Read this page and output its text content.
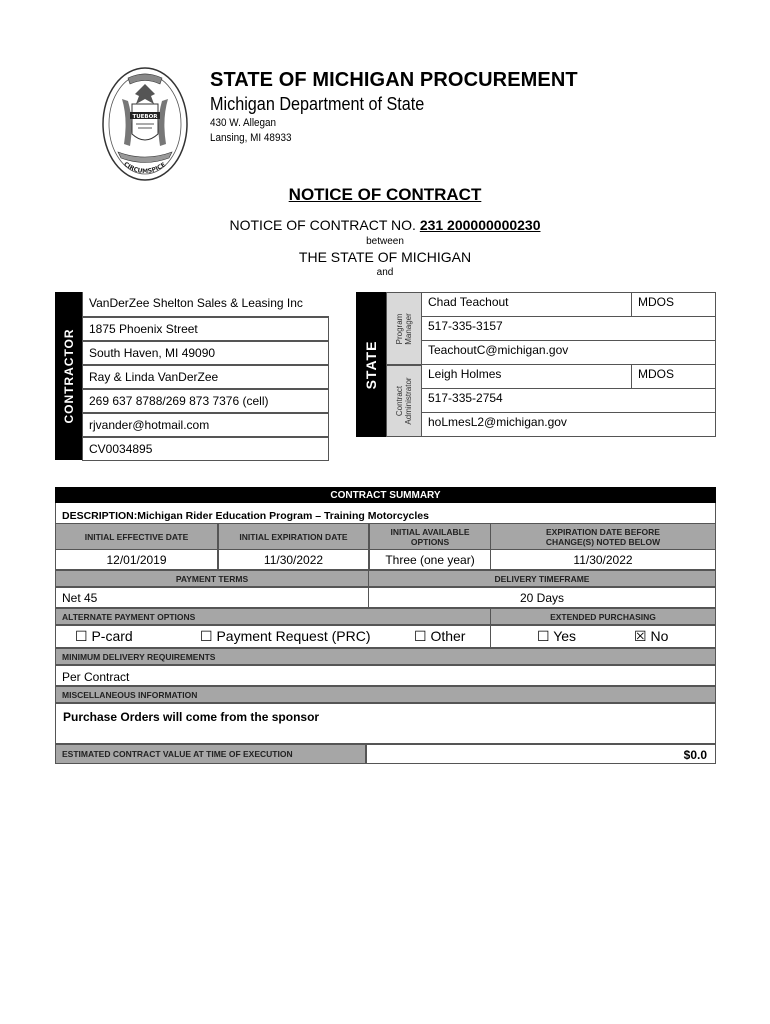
TUEBOR
CIRCUMSPICE
STATE OF MICHIGAN PROCUREMENT
Michigan Department of State
430 W. Allegan
Lansing, MI 48933
NOTICE OF CONTRACT
NOTICE OF CONTRACT NO. 231 200000000230
between
THE STATE OF MICHIGAN
and
CONTRACTOR
VanDerZee Shelton Sales & Leasing Inc
1875 Phoenix Street
South Haven, MI 49090
Ray & Linda VanDerZee
269 637 8788/269 873 7376 (cell)
rjvander@hotmail.com
CV0034895
STATE
Program Manager
Contract Administrator
Chad Teachout	MDOS
517-335-3157
TeachoutC@michigan.gov
Leigh Holmes	MDOS
517-335-2754
hoLmesL2@michigan.gov
CONTRACT SUMMARY
DESCRIPTION:Michigan Rider Education Program – Training Motorcycles
INITIAL EFFECTIVE DATE	INITIAL EXPIRATION DATE	INITIAL AVAILABLE OPTIONS
EXPIRATION DATE BEFORE CHANGE(S) NOTED BELOW
12/01/2019	11/30/2022	Three (one year)	11/30/2022
PAYMENT TERMS	DELIVERY TIMEFRAME
Net 45	20 Days
ALTERNATE PAYMENT OPTIONS	EXTENDED PURCHASING
☐ P-card	☐ Payment Request (PRC)	☐ Other	☐ Yes	☒ No
MINIMUM DELIVERY REQUIREMENTS
Per Contract
MISCELLANEOUS INFORMATION
Purchase Orders will come from the sponsor
ESTIMATED CONTRACT VALUE AT TIME OF EXECUTION	$0.0
